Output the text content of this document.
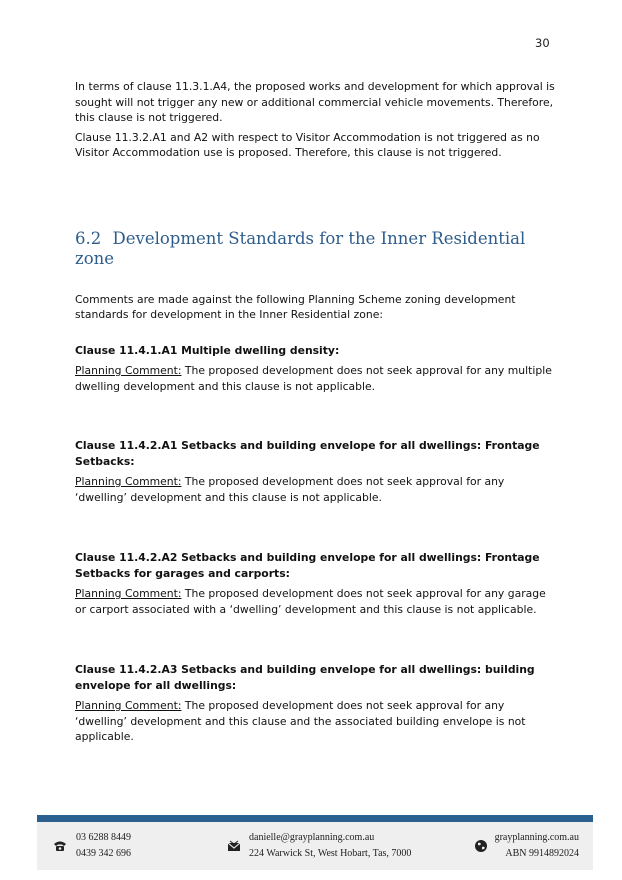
30

In terms of clause 11.3.1.A4, the proposed works and development for which approval is sought will not trigger any new or additional commercial vehicle movements. Therefore, this clause is not triggered.

Clause 11.3.2.A1 and A2 with respect to Visitor Accommodation is not triggered as no Visitor Accommodation use is proposed. Therefore, this clause is not triggered.

6.2 Development Standards for the Inner Residential zone

Comments are made against the following Planning Scheme zoning development standards for development in the Inner Residential zone:

Clause 11.4.1.A1 Multiple dwelling density:

Planning Comment: The proposed development does not seek approval for any multiple dwelling development and this clause is not applicable.

Clause 11.4.2.A1 Setbacks and building envelope for all dwellings: Frontage Setbacks:

Planning Comment: The proposed development does not seek approval for any ‘dwelling’ development and this clause is not applicable.

Clause 11.4.2.A2 Setbacks and building envelope for all dwellings: Frontage Setbacks for garages and carports:

Planning Comment: The proposed development does not seek approval for any garage or carport associated with a ‘dwelling’ development and this clause is not applicable.

Clause 11.4.2.A3 Setbacks and building envelope for all dwellings: building envelope for all dwellings:

Planning Comment: The proposed development does not seek approval for any ‘dwelling’ development and this clause and the associated building envelope is not applicable.

03 6288 8449
0439 342 696
danielle@grayplanning.com.au
224 Warwick St, West Hobart, Tas, 7000
grayplanning.com.au
ABN 9914892024
